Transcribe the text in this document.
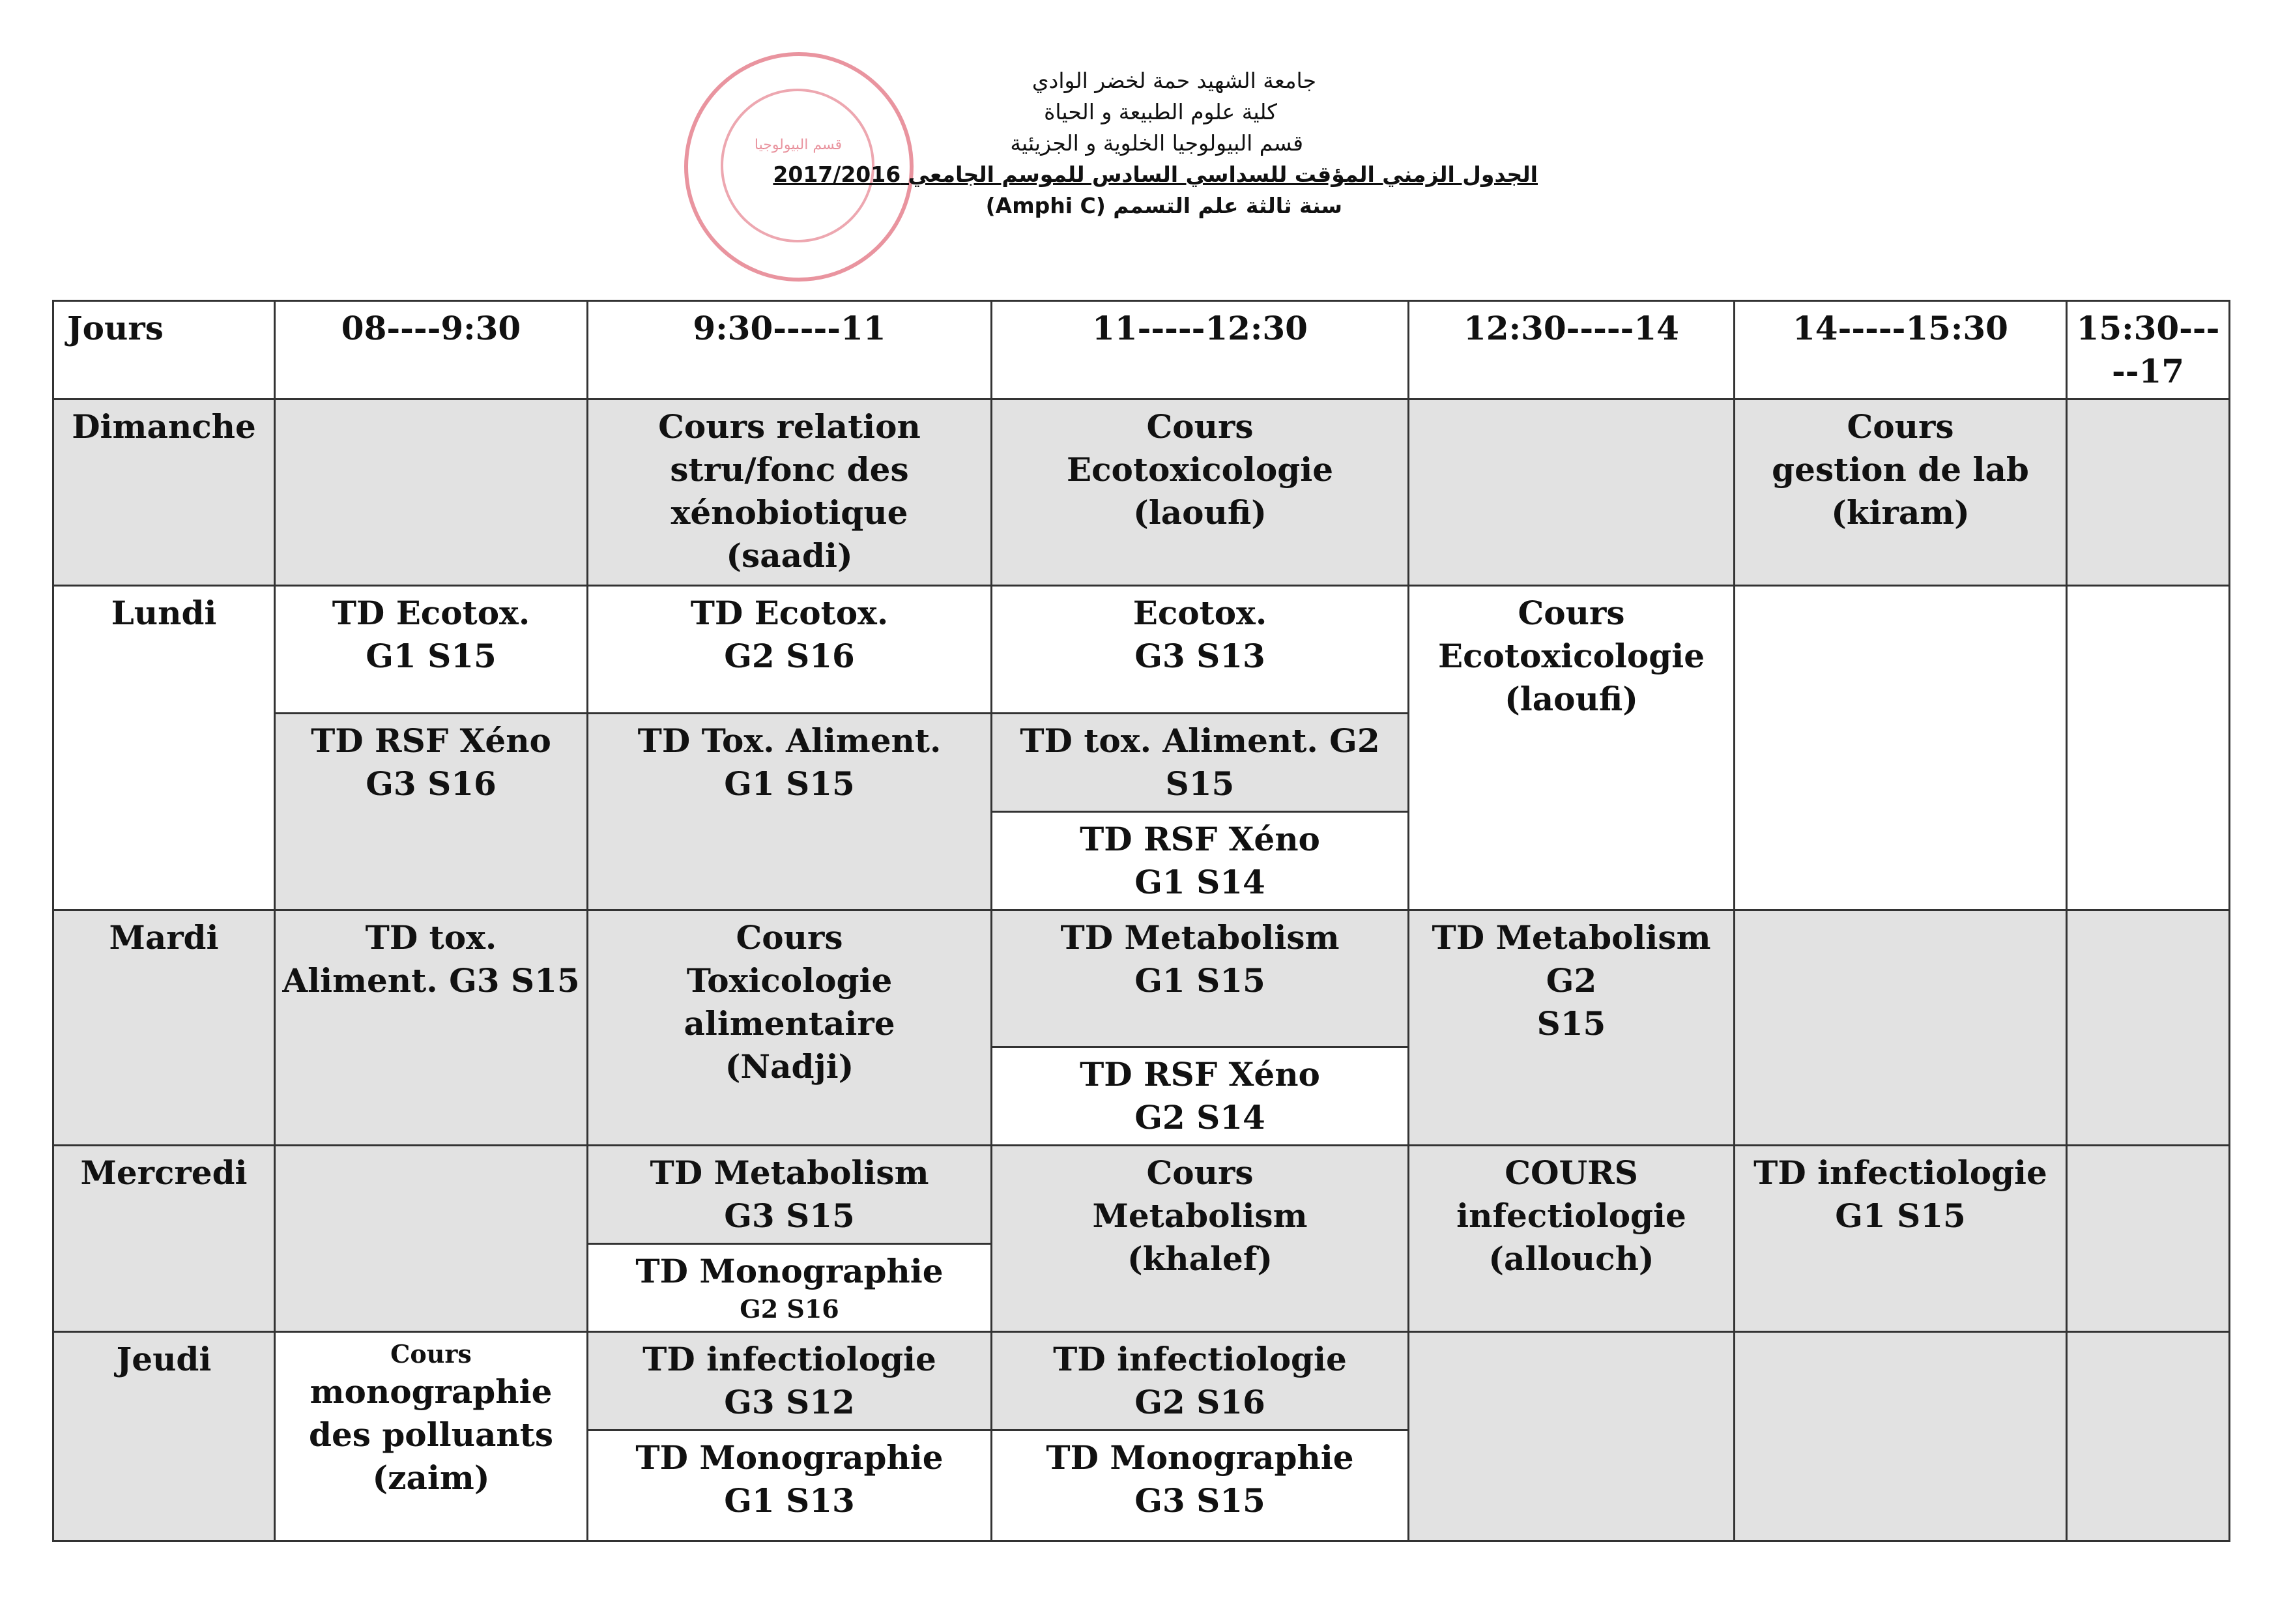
قسم البيولوجيا
جامعة الشهيد حمة لخضر الوادي
كلية علوم الطبيعة و الحياة
قسم البيولوجيا الخلوية و الجزيئية
الجدول الزمني المؤقت للسداسي السادس للموسم الجامعي 2017/2016
سنة ثالثة علم التسمم (Amphi C)
Jours	08----9:30	9:30-----11	11-----12:30	12:30-----14	14-----15:30	15:30-----17
Dimanche		Cours relation
stru/fonc des
xénobiotique
(saadi)	Cours
Ecotoxicologie
(laoufi)		Cours
gestion de lab
(kiram)	

Lundi	TD Ecotox.
G1 S15	TD Ecotox.
G2 S16	Ecotox.
G3 S13	Cours
Ecotoxicologie
(laoufi)		

	TD RSF Xéno
G3 S16	TD Tox. Aliment.
G1 S15	TD tox. Aliment. G2
S15			

			TD RSF Xéno
G1 S14			

Mardi	TD tox.
Aliment. G3 S15	Cours
Toxicologie
alimentaire
(Nadji)	TD Metabolism
G1 S15	TD Metabolism
G2
S15		

			TD RSF Xéno
G2 S14			

Mercredi		TD Metabolism
G3 S15	Cours
Metabolism
(khalef)	COURS
infectiologie
(allouch)	TD infectiologie
G1 S15	

		TD Monographie
G2 S16				

Jeudi	Cours
monographie
des polluants
(zaim)	TD infectiologie
G3 S12	TD infectiologie
G2 S16			

		TD Monographie
G1 S13	TD Monographie
G3 S15			
